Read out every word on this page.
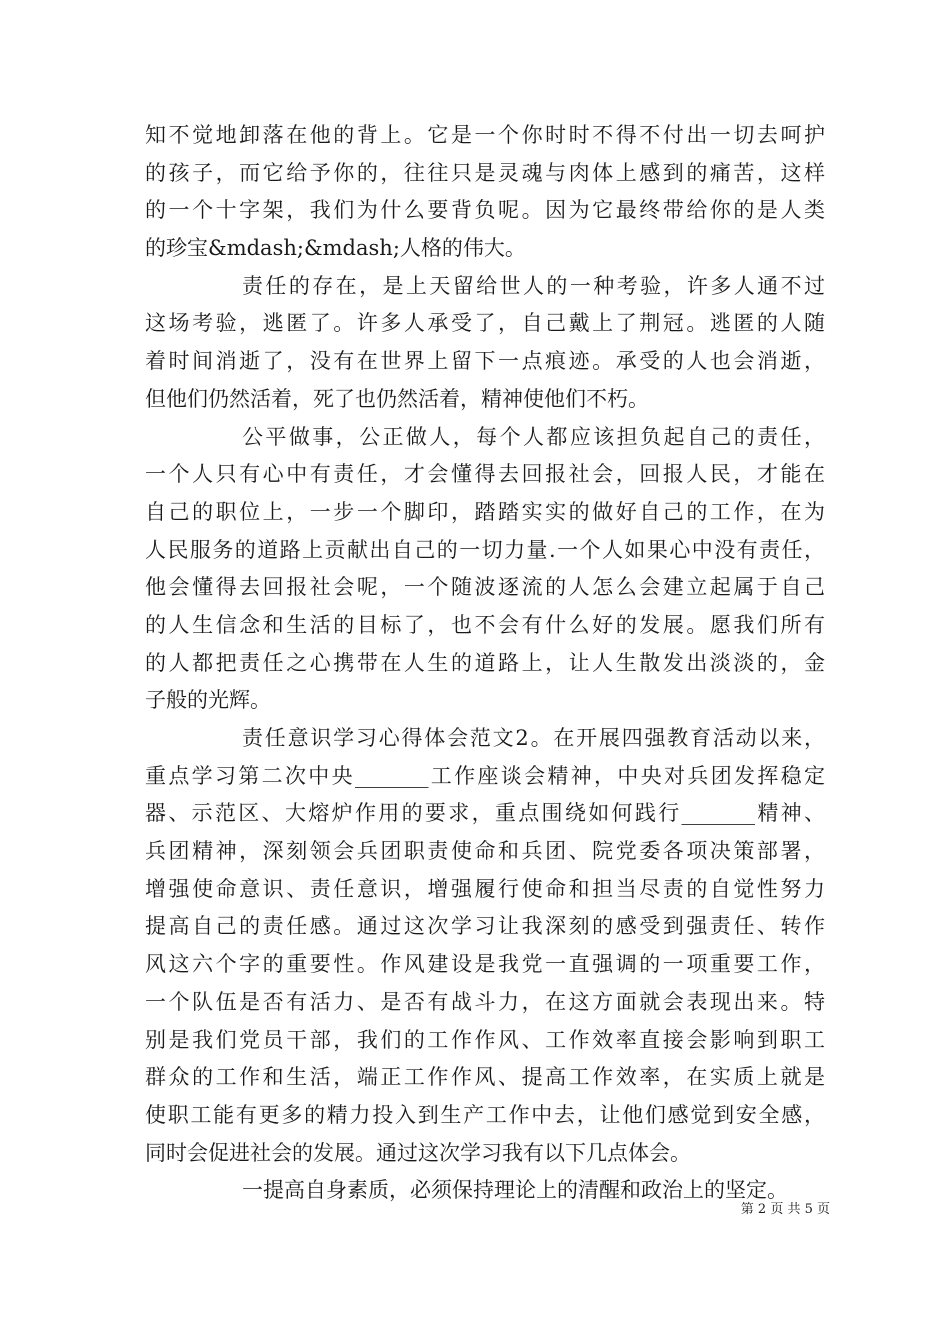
知不觉地卸落在他的背上。它是一个你时时不得不付出一切去呵护
的孩子，而它给予你的，往往只是灵魂与肉体上感到的痛苦，这样
的一个十字架，我们为什么要背负呢。因为它最终带给你的是人类
的珍宝&mdash;&mdash;人格的伟大。
责任的存在，是上天留给世人的一种考验，许多人通不过
这场考验，逃匿了。许多人承受了，自己戴上了荆冠。逃匿的人随
着时间消逝了，没有在世界上留下一点痕迹。承受的人也会消逝，
但他们仍然活着，死了也仍然活着，精神使他们不朽。
公平做事，公正做人，每个人都应该担负起自己的责任，
一个人只有心中有责任，才会懂得去回报社会，回报人民，才能在
自己的职位上，一步一个脚印，踏踏实实的做好自己的工作，在为
人民服务的道路上贡献出自己的一切力量.一个人如果心中没有责任，
他会懂得去回报社会呢，一个随波逐流的人怎么会建立起属于自己
的人生信念和生活的目标了，也不会有什么好的发展。愿我们所有
的人都把责任之心携带在人生的道路上，让人生散发出淡淡的，金
子般的光辉。
责任意识学习心得体会范文2。在开展四强教育活动以来，
重点学习第二次中央_______工作座谈会精神，中央对兵团发挥稳定
器、示范区、大熔炉作用的要求，重点围绕如何践行_______精神、
兵团精神，深刻领会兵团职责使命和兵团、院党委各项决策部署，
增强使命意识、责任意识，增强履行使命和担当尽责的自觉性努力
提高自己的责任感。通过这次学习让我深刻的感受到强责任、转作
风这六个字的重要性。作风建设是我党一直强调的一项重要工作，
一个队伍是否有活力、是否有战斗力，在这方面就会表现出来。特
别是我们党员干部，我们的工作作风、工作效率直接会影响到职工
群众的工作和生活，端正工作作风、提高工作效率，在实质上就是
使职工能有更多的精力投入到生产工作中去，让他们感觉到安全感，
同时会促进社会的发展。通过这次学习我有以下几点体会。
一提高自身素质，必须保持理论上的清醒和政治上的坚定。
第 2 页 共 5 页
